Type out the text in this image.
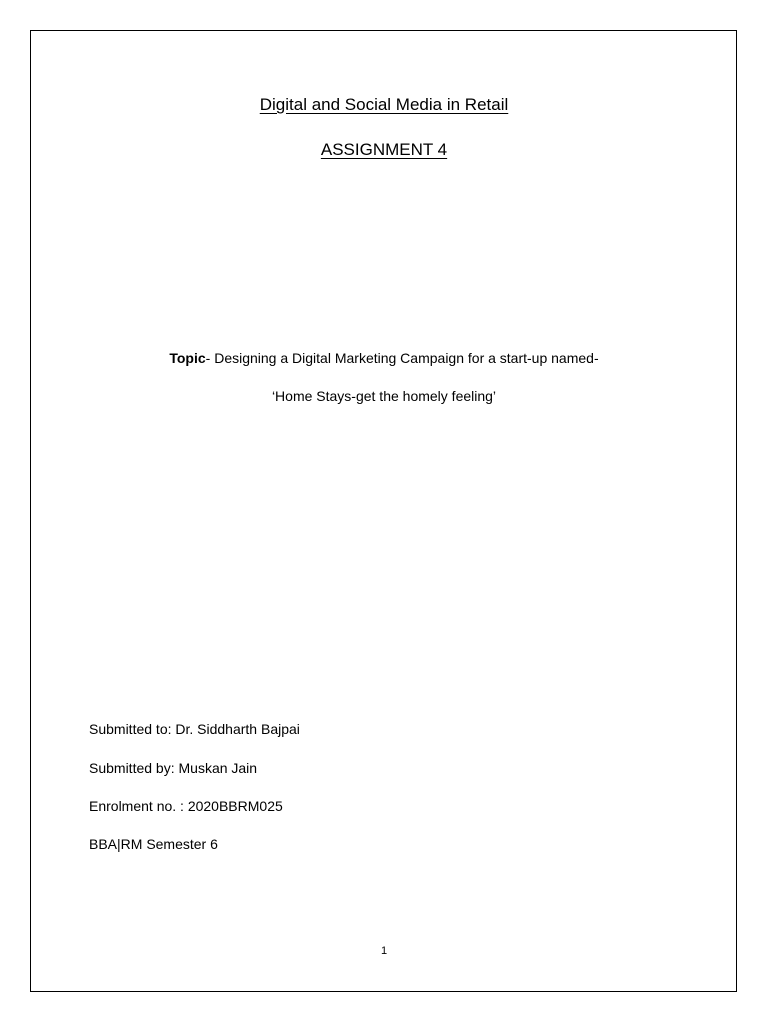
Digital and Social Media in Retail
ASSIGNMENT 4
Topic- Designing a Digital Marketing Campaign for a start-up named-
‘Home Stays-get the homely feeling’
Submitted to: Dr. Siddharth Bajpai
Submitted by: Muskan Jain
Enrolment no. : 2020BBRM025
BBA|RM Semester 6
1
